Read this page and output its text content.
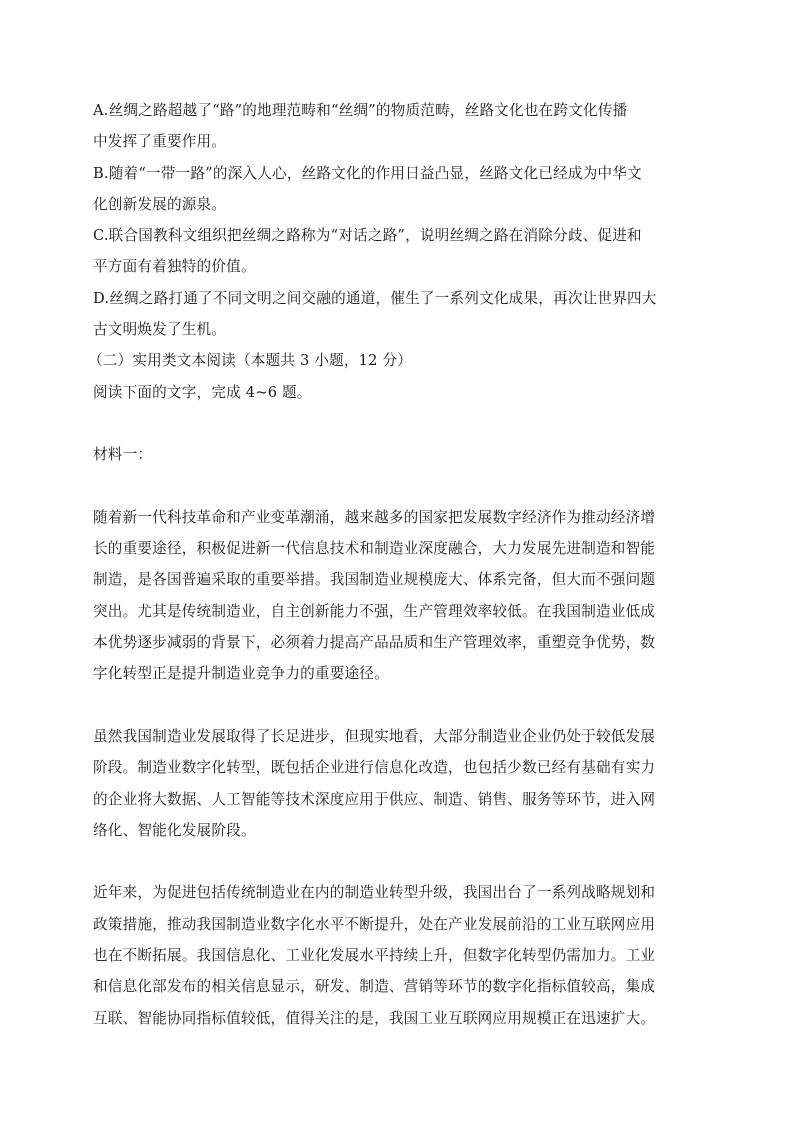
A.丝绸之路超越了“路”的地理范畴和“丝绸”的物质范畴，丝路文化也在跨文化传播
中发挥了重要作用。
B.随着“一带一路”的深入人心，丝路文化的作用日益凸显，丝路文化已经成为中华文
化创新发展的源泉。
C.联合国教科文组织把丝绸之路称为“对话之路”，说明丝绸之路在消除分歧、促进和
平方面有着独特的价值。
D.丝绸之路打通了不同文明之间交融的通道，催生了一系列文化成果，再次让世界四大
古文明焕发了生机。
（二）实用类文本阅读（本题共 3 小题，12 分）
阅读下面的文字，完成 4~6 题。
材料一：
随着新一代科技革命和产业变革潮涌，越来越多的国家把发展数字经济作为推动经济增
长的重要途径，积极促进新一代信息技术和制造业深度融合，大力发展先进制造和智能
制造，是各国普遍采取的重要举措。我国制造业规模庞大、体系完备，但大而不强问题
突出。尤其是传统制造业，自主创新能力不强，生产管理效率较低。在我国制造业低成
本优势逐步减弱的背景下，必须着力提高产品品质和生产管理效率，重塑竞争优势，数
字化转型正是提升制造业竞争力的重要途径。
虽然我国制造业发展取得了长足进步，但现实地看，大部分制造业企业仍处于较低发展
阶段。制造业数字化转型，既包括企业进行信息化改造，也包括少数已经有基础有实力
的企业将大数据、人工智能等技术深度应用于供应、制造、销售、服务等环节，进入网
络化、智能化发展阶段。
近年来，为促进包括传统制造业在内的制造业转型升级，我国出台了一系列战略规划和
政策措施，推动我国制造业数字化水平不断提升，处在产业发展前沿的工业互联网应用
也在不断拓展。我国信息化、工业化发展水平持续上升，但数字化转型仍需加力。工业
和信息化部发布的相关信息显示，研发、制造、营销等环节的数字化指标值较高，集成
互联、智能协同指标值较低，值得关注的是，我国工业互联网应用规模正在迅速扩大。
